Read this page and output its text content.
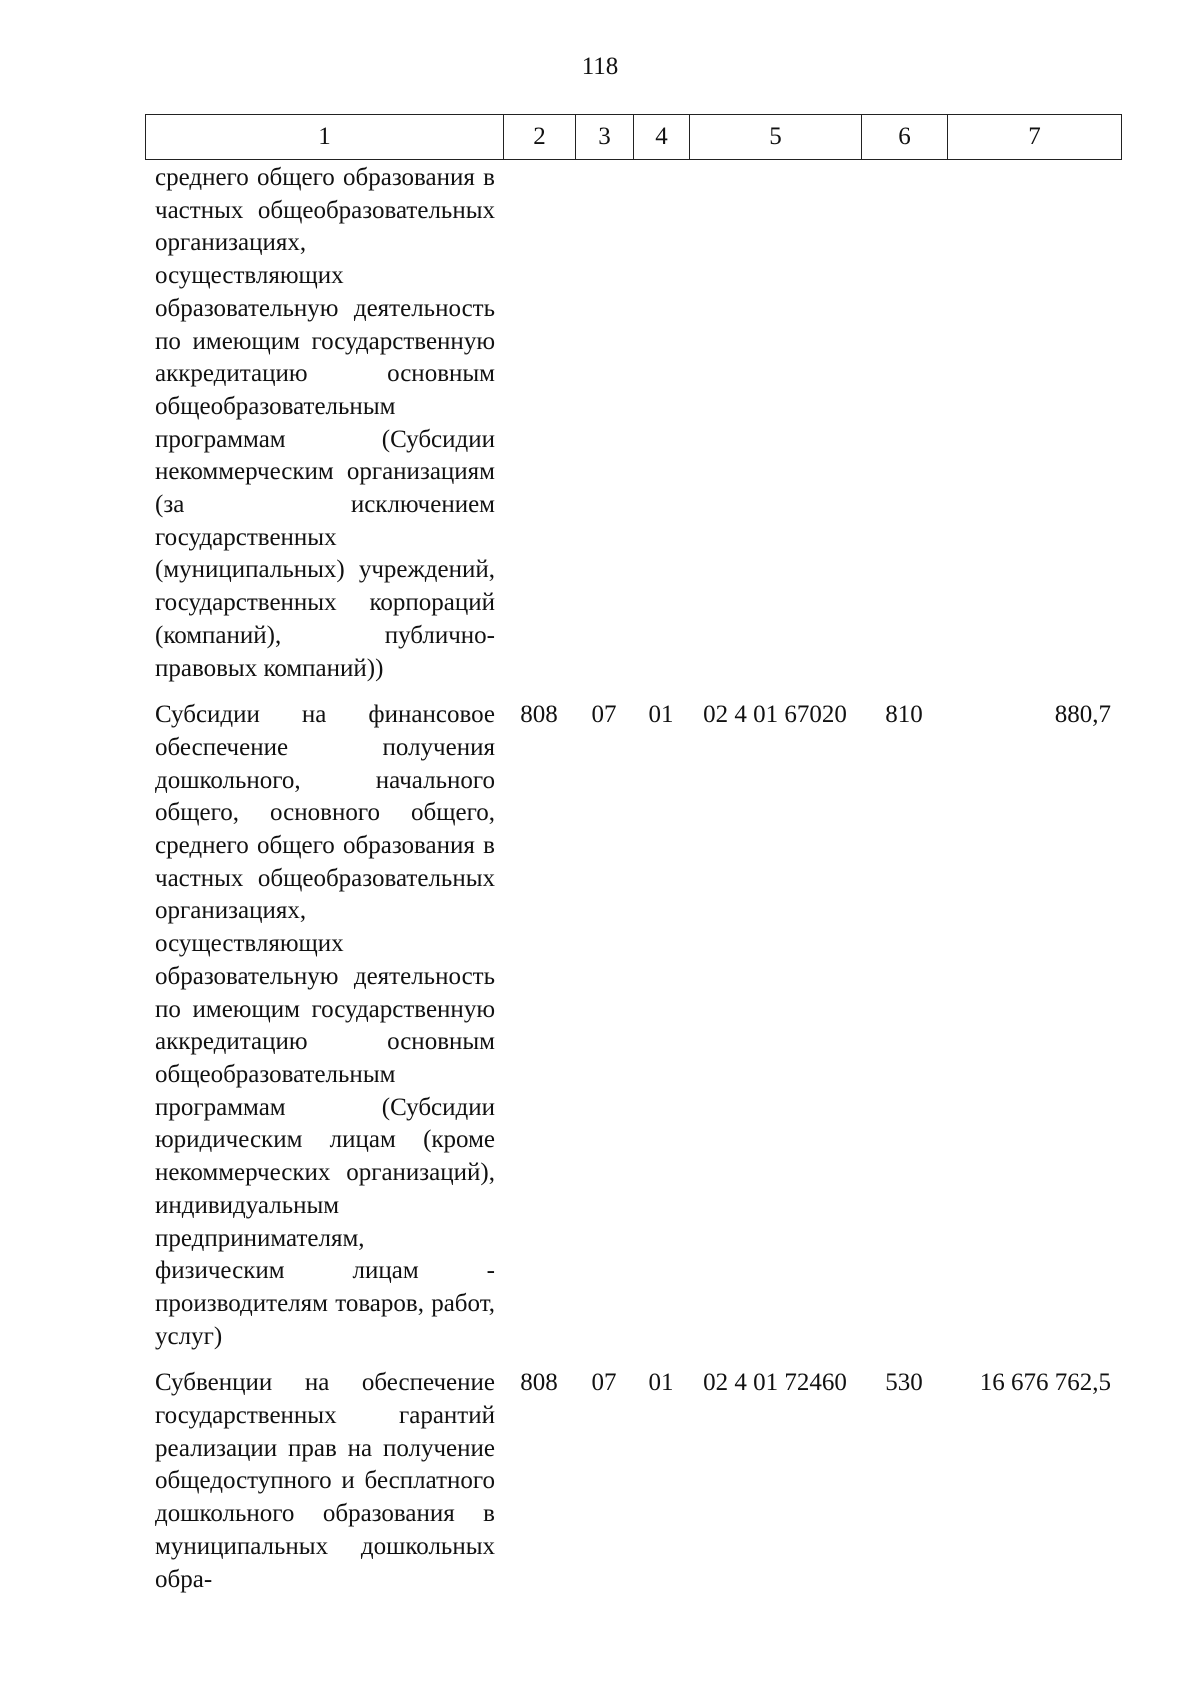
118
1	2	3	4	5	6	7
среднего общего образования в частных общеобразовательных организациях, осуществляющих образовательную деятельность по имеющим государственную аккредитацию основным общеобразовательным программам (Субсидии некоммерческим организациям (за исключением государственных (муниципальных) учреждений, государственных корпораций (компаний), публично-правовых компаний))						
Субсидии на финансовое обеспечение получения дошкольного, начального общего, основного общего, среднего общего образования в частных общеобразовательных организациях, осуществляющих образовательную деятельность по имеющим государственную аккредитацию основным общеобразовательным программам (Субсидии юридическим лицам (кроме некоммерческих организаций), индивидуальным предпринимателям, физическим лицам - производителям товаров, работ, услуг)	808	07	01	02 4 01 67020	810	880,7
Субвенции на обеспечение государственных гарантий реализации прав на получение общедоступного и бесплатного дошкольного образования в муниципальных дошкольных обра-	808	07	01	02 4 01 72460	530	16 676 762,5
